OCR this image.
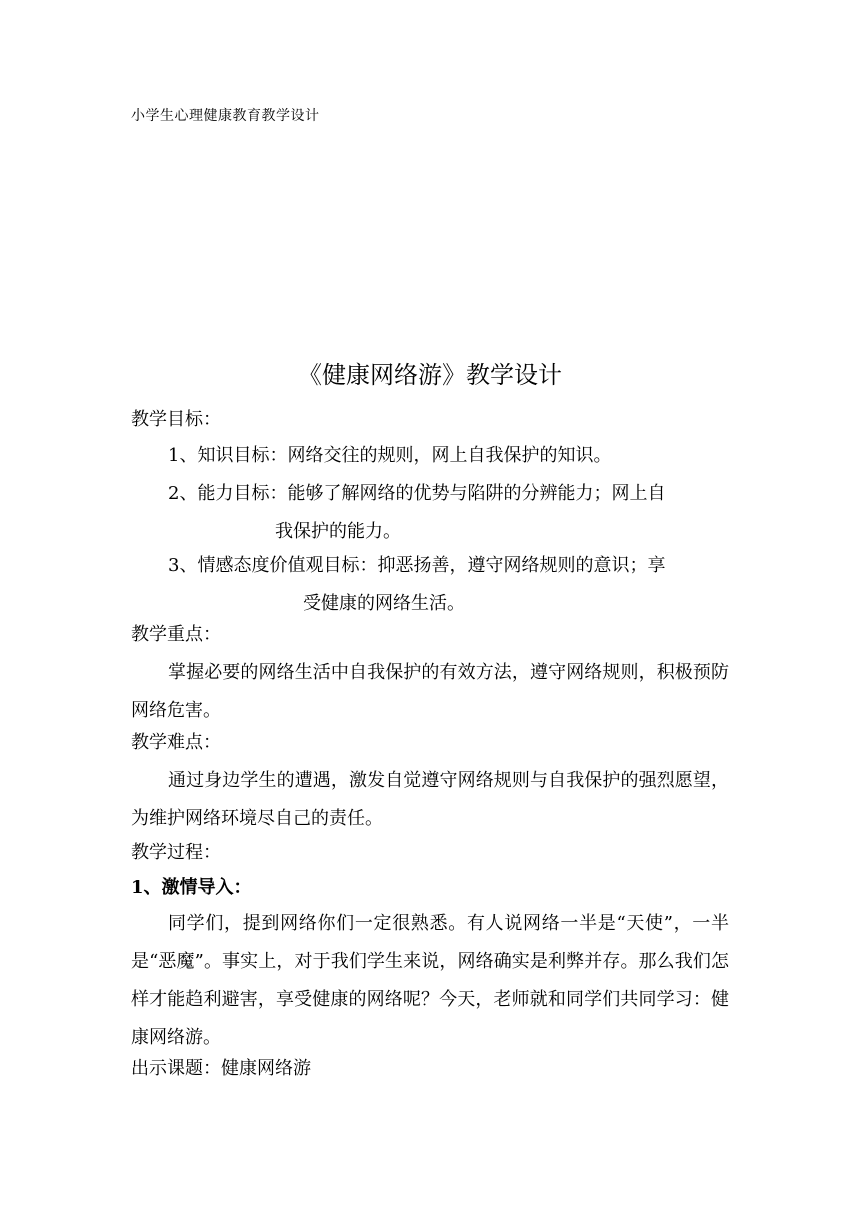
小学生心理健康教育教学设计
《健康网络游》教学设计
教学目标：
1、知识目标：网络交往的规则，网上自我保护的知识。
2、能力目标：能够了解网络的优势与陷阱的分辨能力；网上自
我保护的能力。
3、情感态度价值观目标：抑恶扬善，遵守网络规则的意识；享
受健康的网络生活。
教学重点：
掌握必要的网络生活中自我保护的有效方法，遵守网络规则，积极预防网络危害。
教学难点：
通过身边学生的遭遇，激发自觉遵守网络规则与自我保护的强烈愿望，为维护网络环境尽自己的责任。
教学过程：
1、激情导入：
同学们，提到网络你们一定很熟悉。有人说网络一半是“天使”，一半是“恶魔”。事实上，对于我们学生来说，网络确实是利弊并存。那么我们怎样才能趋利避害，享受健康的网络呢？今天，老师就和同学们共同学习：健康网络游。
出示课题：健康网络游
